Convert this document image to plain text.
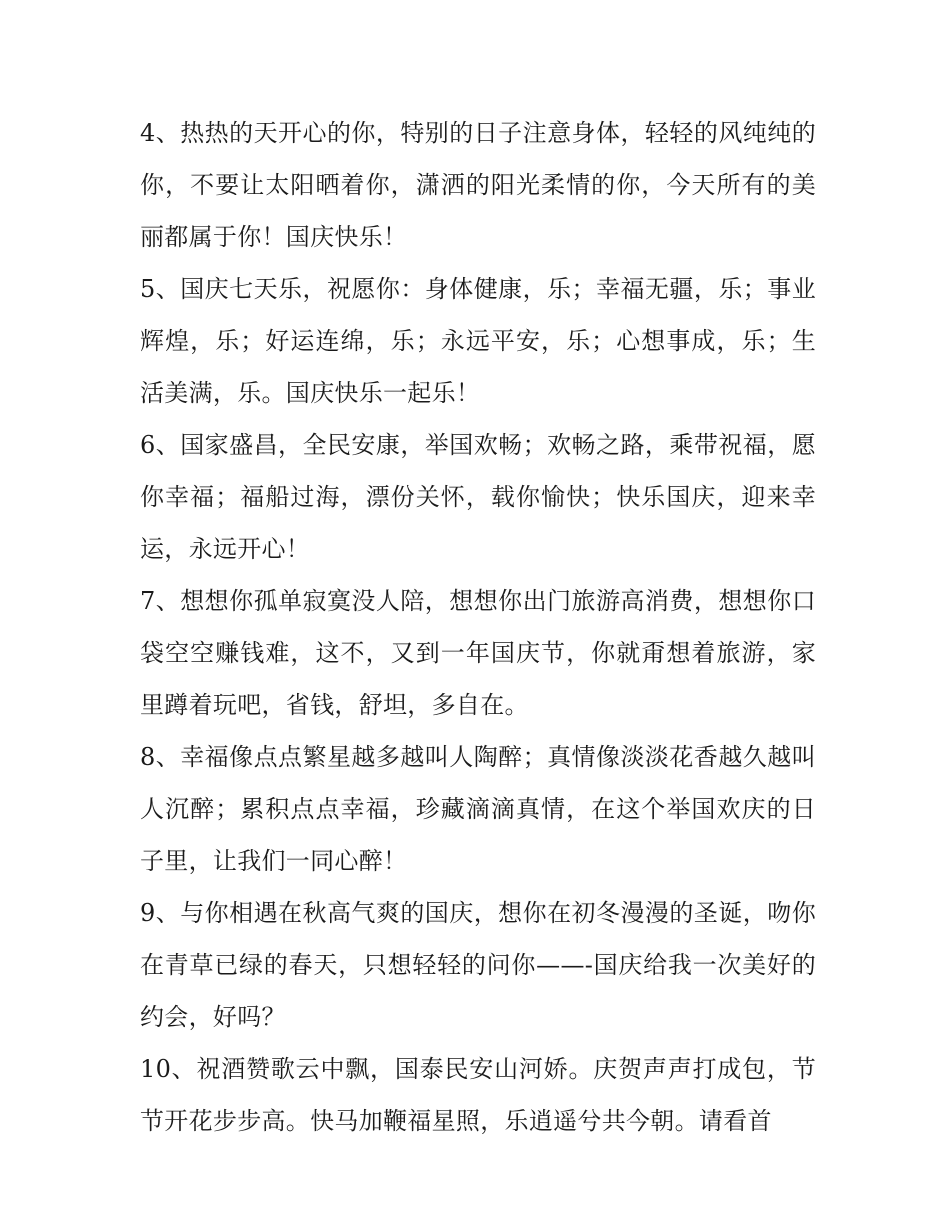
4、热热的天开心的你，特别的日子注意身体，轻轻的风纯纯的你，不要让太阳晒着你，潇洒的阳光柔情的你，今天所有的美丽都属于你！国庆快乐！

5、国庆七天乐，祝愿你：身体健康，乐；幸福无疆，乐；事业辉煌，乐；好运连绵，乐；永远平安，乐；心想事成，乐；生活美满，乐。国庆快乐一起乐！

6、国家盛昌，全民安康，举国欢畅；欢畅之路，乘带祝福，愿你幸福；福船过海，漂份关怀，载你愉快；快乐国庆，迎来幸运，永远开心！

7、想想你孤单寂寞没人陪，想想你出门旅游高消费，想想你口袋空空赚钱难，这不，又到一年国庆节，你就甭想着旅游，家里蹲着玩吧，省钱，舒坦，多自在。

8、幸福像点点繁星越多越叫人陶醉；真情像淡淡花香越久越叫人沉醉；累积点点幸福，珍藏滴滴真情，在这个举国欢庆的日子里，让我们一同心醉！

9、与你相遇在秋高气爽的国庆，想你在初冬漫漫的圣诞，吻你在青草已绿的春天，只想轻轻的问你——-国庆给我一次美好的约会，好吗？

10、祝酒赞歌云中飘，国泰民安山河娇。庆贺声声打成包，节节开花步步高。快马加鞭福星照，乐逍遥兮共今朝。请看首
